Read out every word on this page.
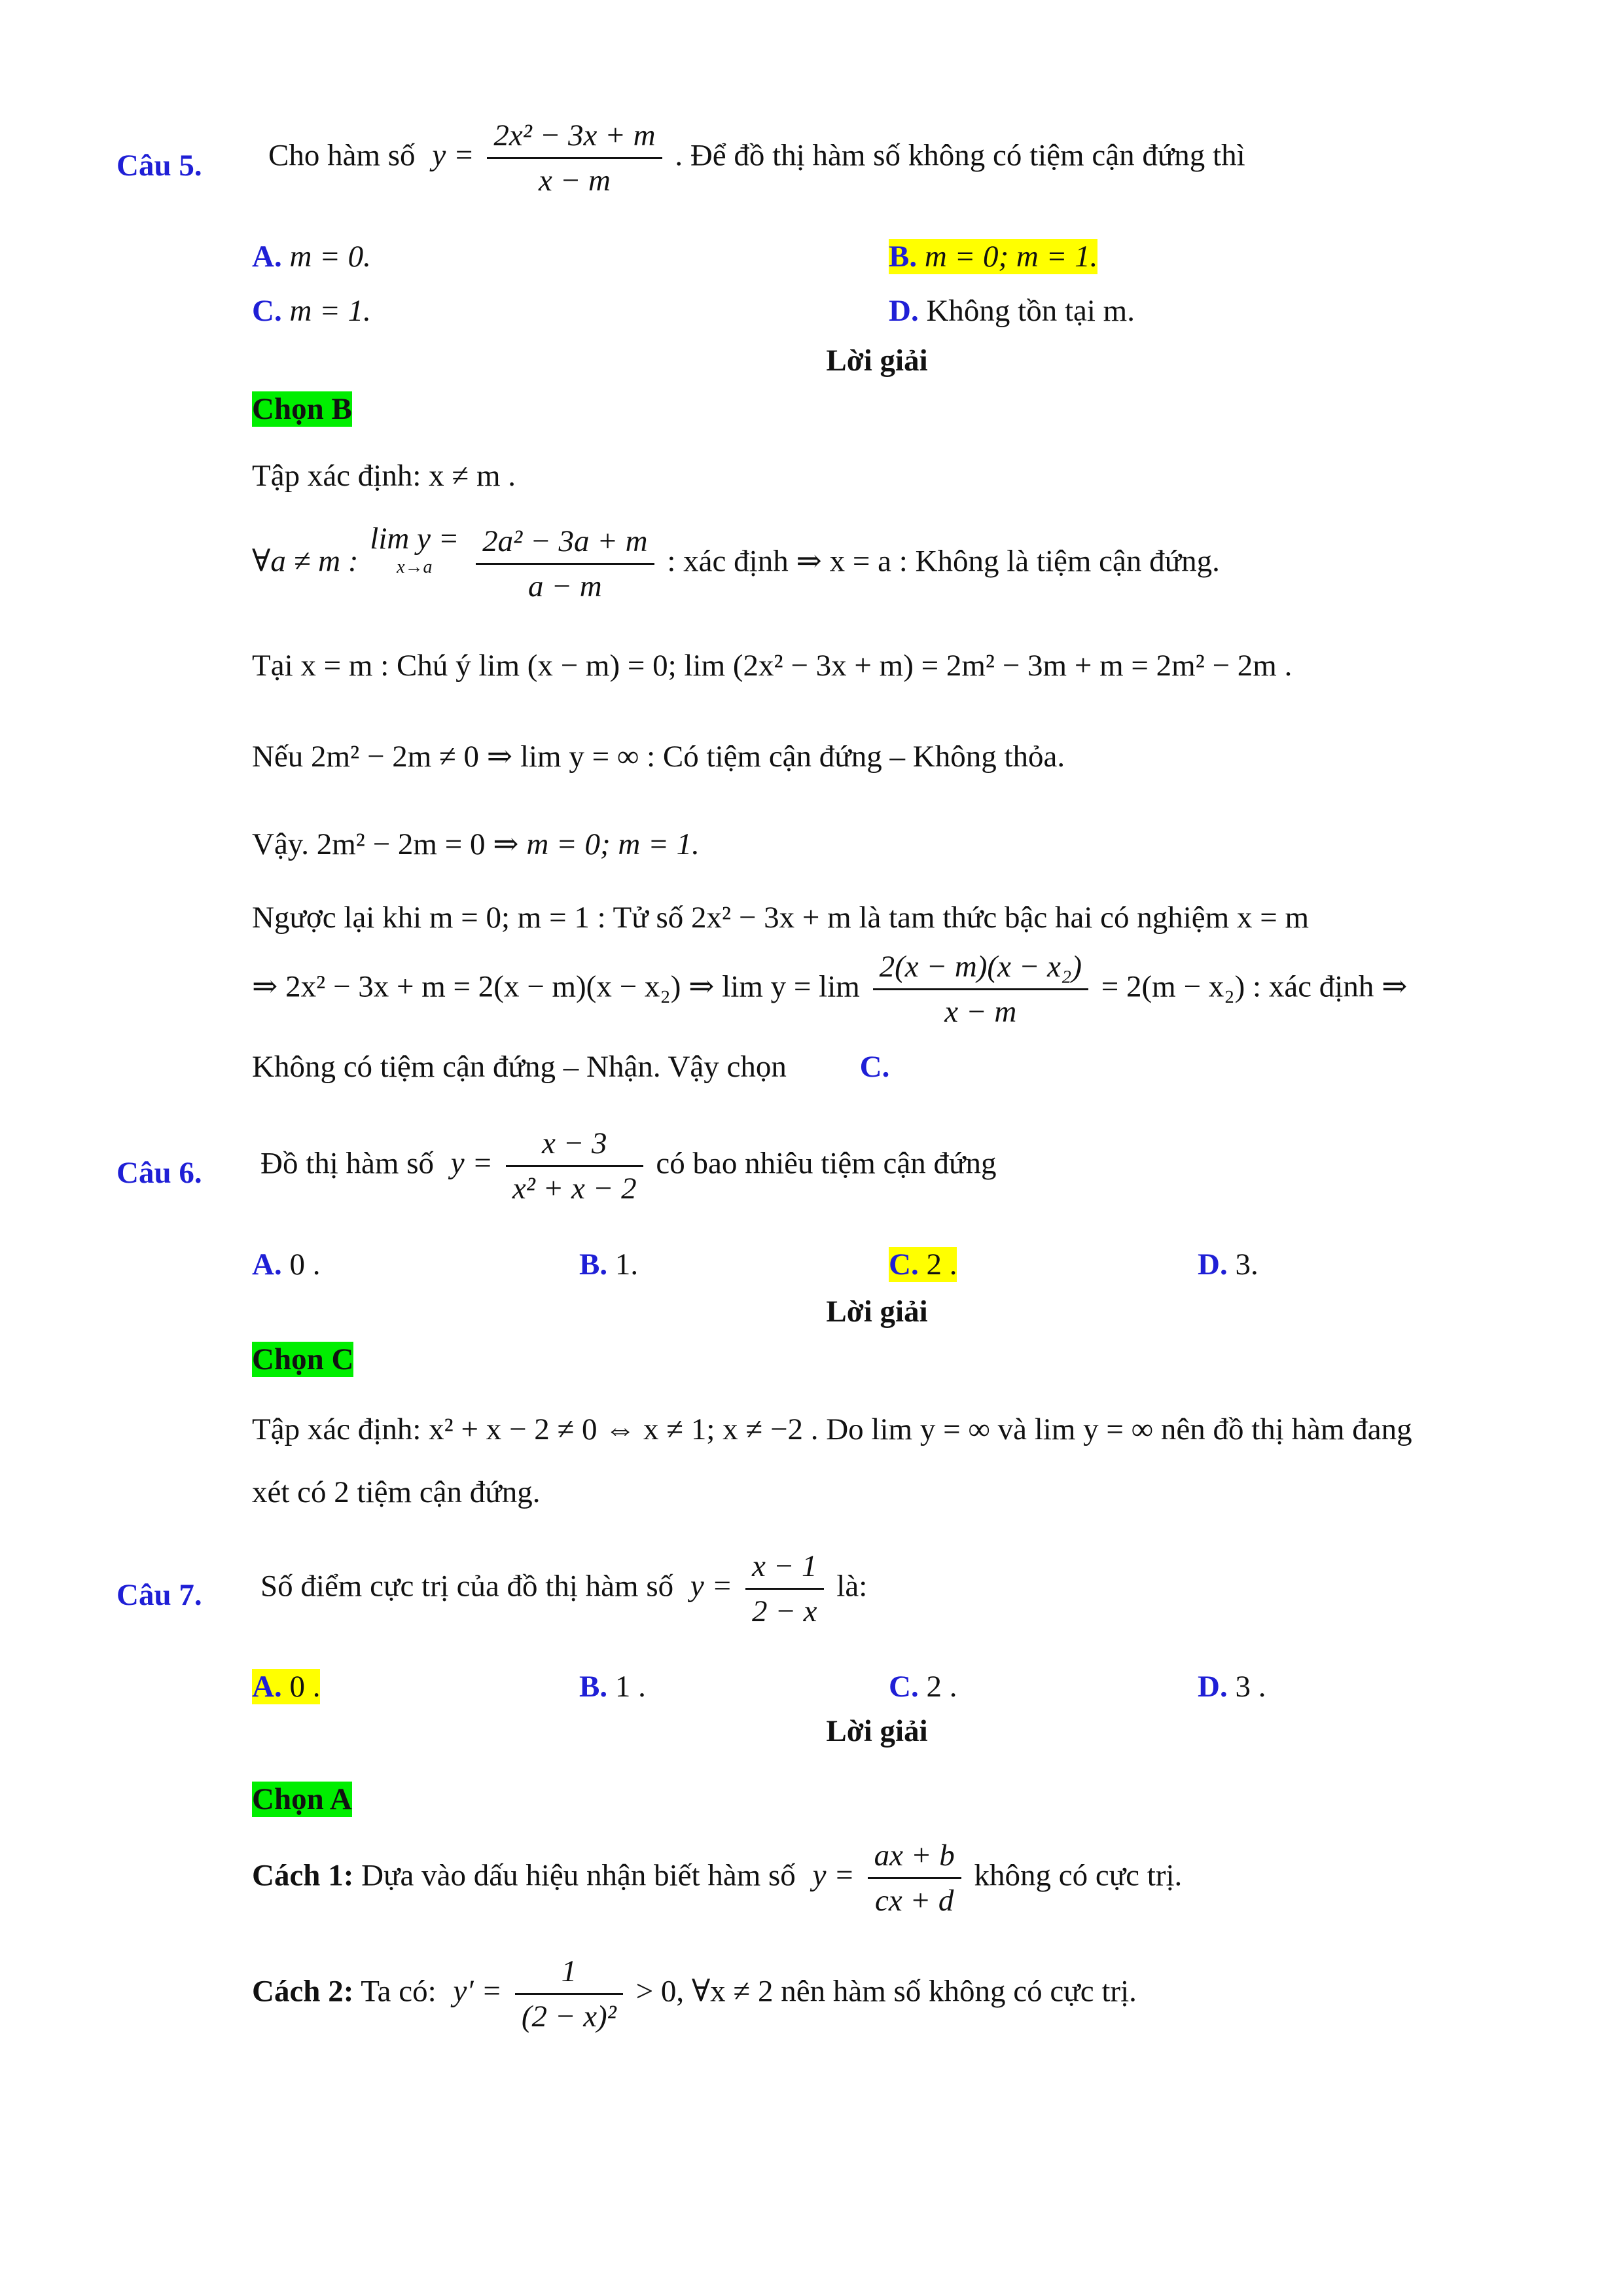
Câu 5. Cho hàm số $y = \frac{\text{2x² − 3x + m}}{x - m}$ . Để đồ thị hàm số không có tiệm cận đứng thì
A. m = 0.	B. m = 0; m = 1.
C. m = 1.	D. Không tồn tại m.
Lời giải
Chọn B
Tập xác định: x ≠ m .
∀a ≠ m : lim y =
x→a
	$\frac{\text{2a² − 3a + m}}{a - m}$ : xác định ⇒ x = a : Không là tiệm cận đứng.
Tại x = m : Chú ý lim (x − m) = 0; lim (2x² − 3x + m) = 2m² − 3m + m = 2m² − 2m .
Nếu 2m² − 2m ≠ 0 ⇒ lim y = ∞ : Có tiệm cận đứng – Không thỏa.
Vậy. 2m² − 2m = 0 ⇒ m = 0; m = 1.
Ngược lại khi m = 0; m = 1 : Tử số 2x² − 3x + m là tam thức bậc hai có nghiệm x = m
⇒ 2x² − 3x + m = 2(x − m)(x − x₂) ⇒ $\lim y = \lim \frac{\text{2(x − m)(x − x₂)}}{x - m} = 2(m - x_2)$ : xác định ⇒
Không có tiệm cận đứng – Nhận. Vậy chọn C.
Câu 6. Đồ thị hàm số $y = \frac{x - 3}{\text{x² + x − 2}}$ có bao nhiêu tiệm cận đứng
A. 0 .	B. 1.	C. 2 .	D. 3.
Lời giải
Chọn C
Tập xác định: x² + x − 2 ≠ 0 ⇔ x ≠ 1; x ≠ −2 . Do lim y = ∞ và lim y = ∞ nên đồ thị hàm đang
xét có 2 tiệm cận đứng.
Câu 7. Số điểm cực trị của đồ thị hàm số $y = \frac{x - 1}{2 - x}$ là:
A. 0 .	B. 1 .	C. 2 .	D. 3 .
Lời giải
Chọn A
Cách 1: Dựa vào dấu hiệu nhận biết hàm số $y = \frac{ax + b}{cx + d}$ không có cực trị.
Cách 2: Ta có: $y' = \frac{1}{\text{(2 − x)²}} > 0$, ∀x ≠ 2 nên hàm số không có cực trị.
